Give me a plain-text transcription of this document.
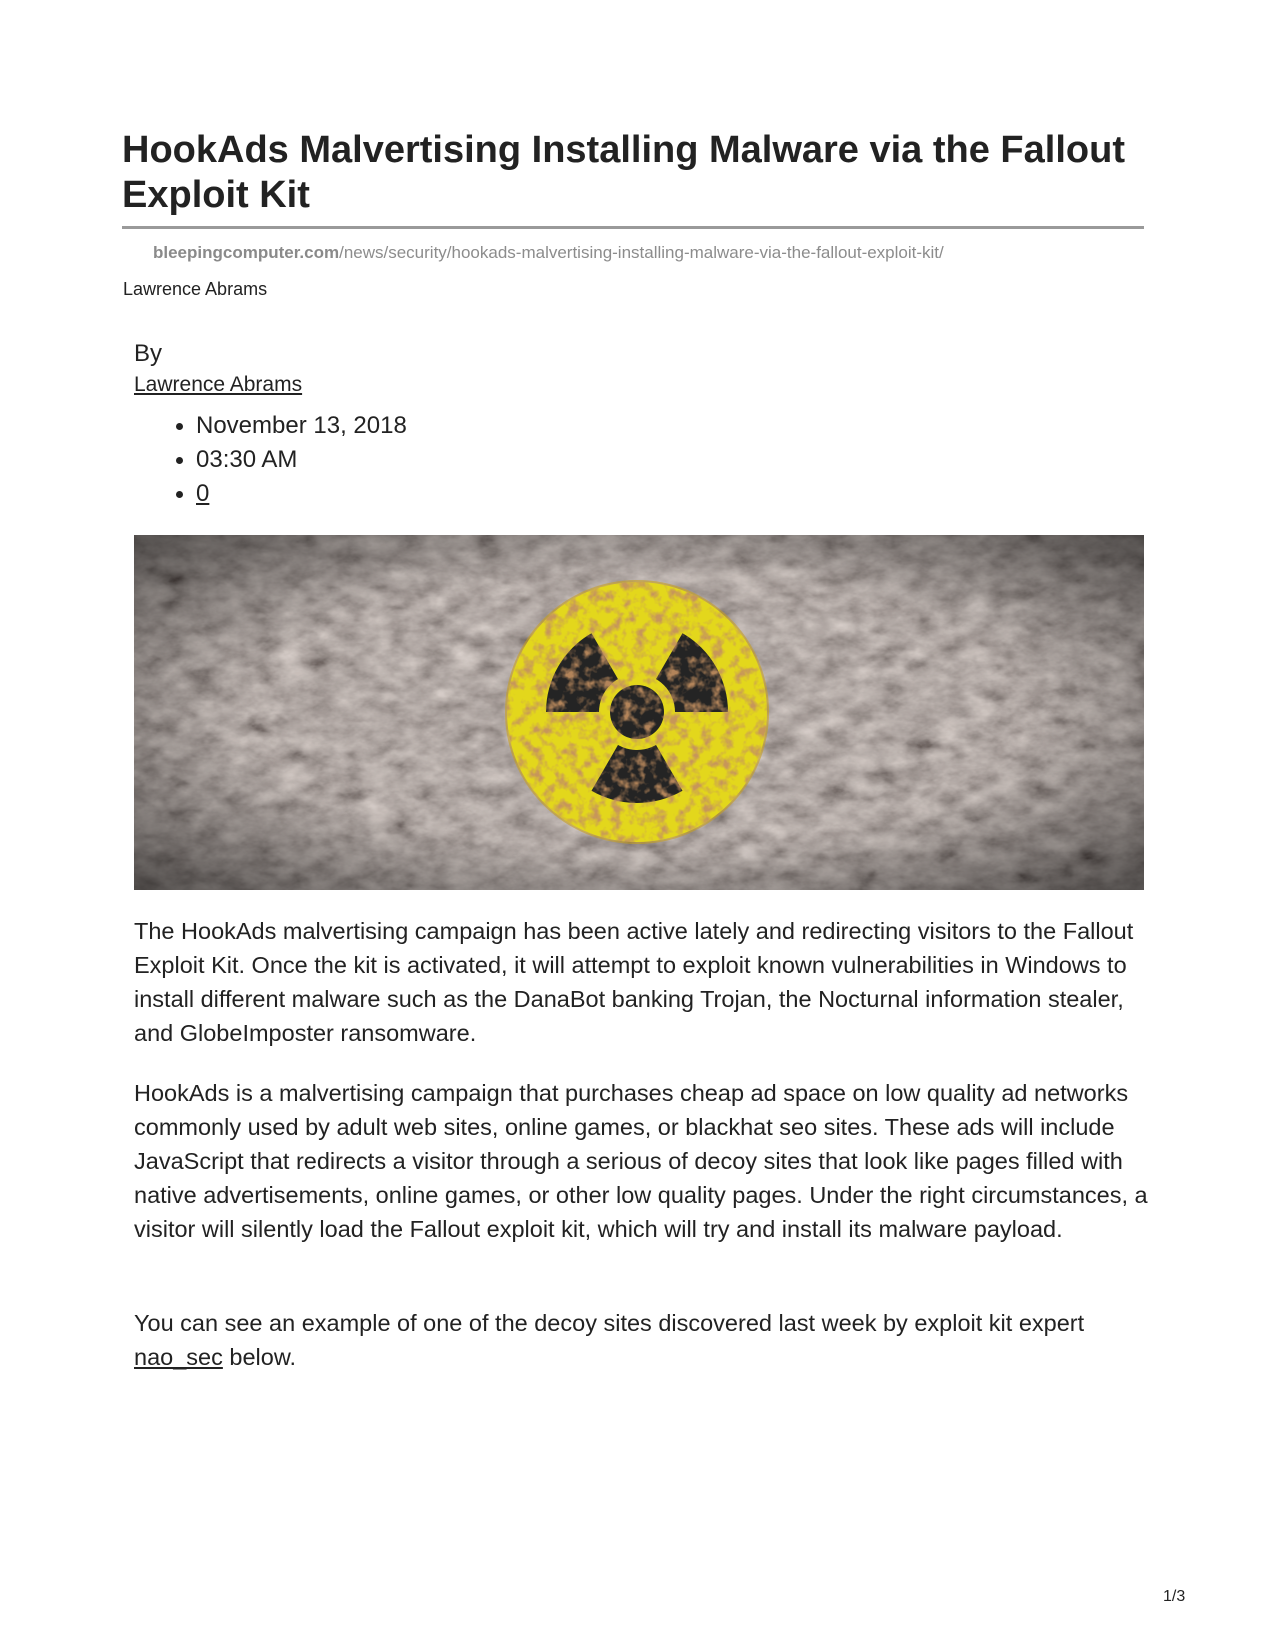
HookAds Malvertising Installing Malware via the Fallout Exploit Kit
bleepingcomputer.com/news/security/hookads-malvertising-installing-malware-via-the-fallout-exploit-kit/
Lawrence Abrams
By
Lawrence Abrams
November 13, 2018
03:30 AM
0

The HookAds malvertising campaign has been active lately and redirecting visitors to the Fallout Exploit Kit. Once the kit is activated, it will attempt to exploit known vulnerabilities in Windows to install different malware such as the DanaBot banking Trojan, the Nocturnal information stealer, and GlobeImposter ransomware.

HookAds is a malvertising campaign that purchases cheap ad space on low quality ad networks commonly used by adult web sites, online games, or blackhat seo sites. These ads will include JavaScript that redirects a visitor through a serious of decoy sites that look like pages filled with native advertisements, online games, or other low quality pages. Under the right circumstances, a visitor will silently load the Fallout exploit kit, which will try and install its malware payload.

You can see an example of one of the decoy sites discovered last week by exploit kit expert nao_sec below.

1/3
